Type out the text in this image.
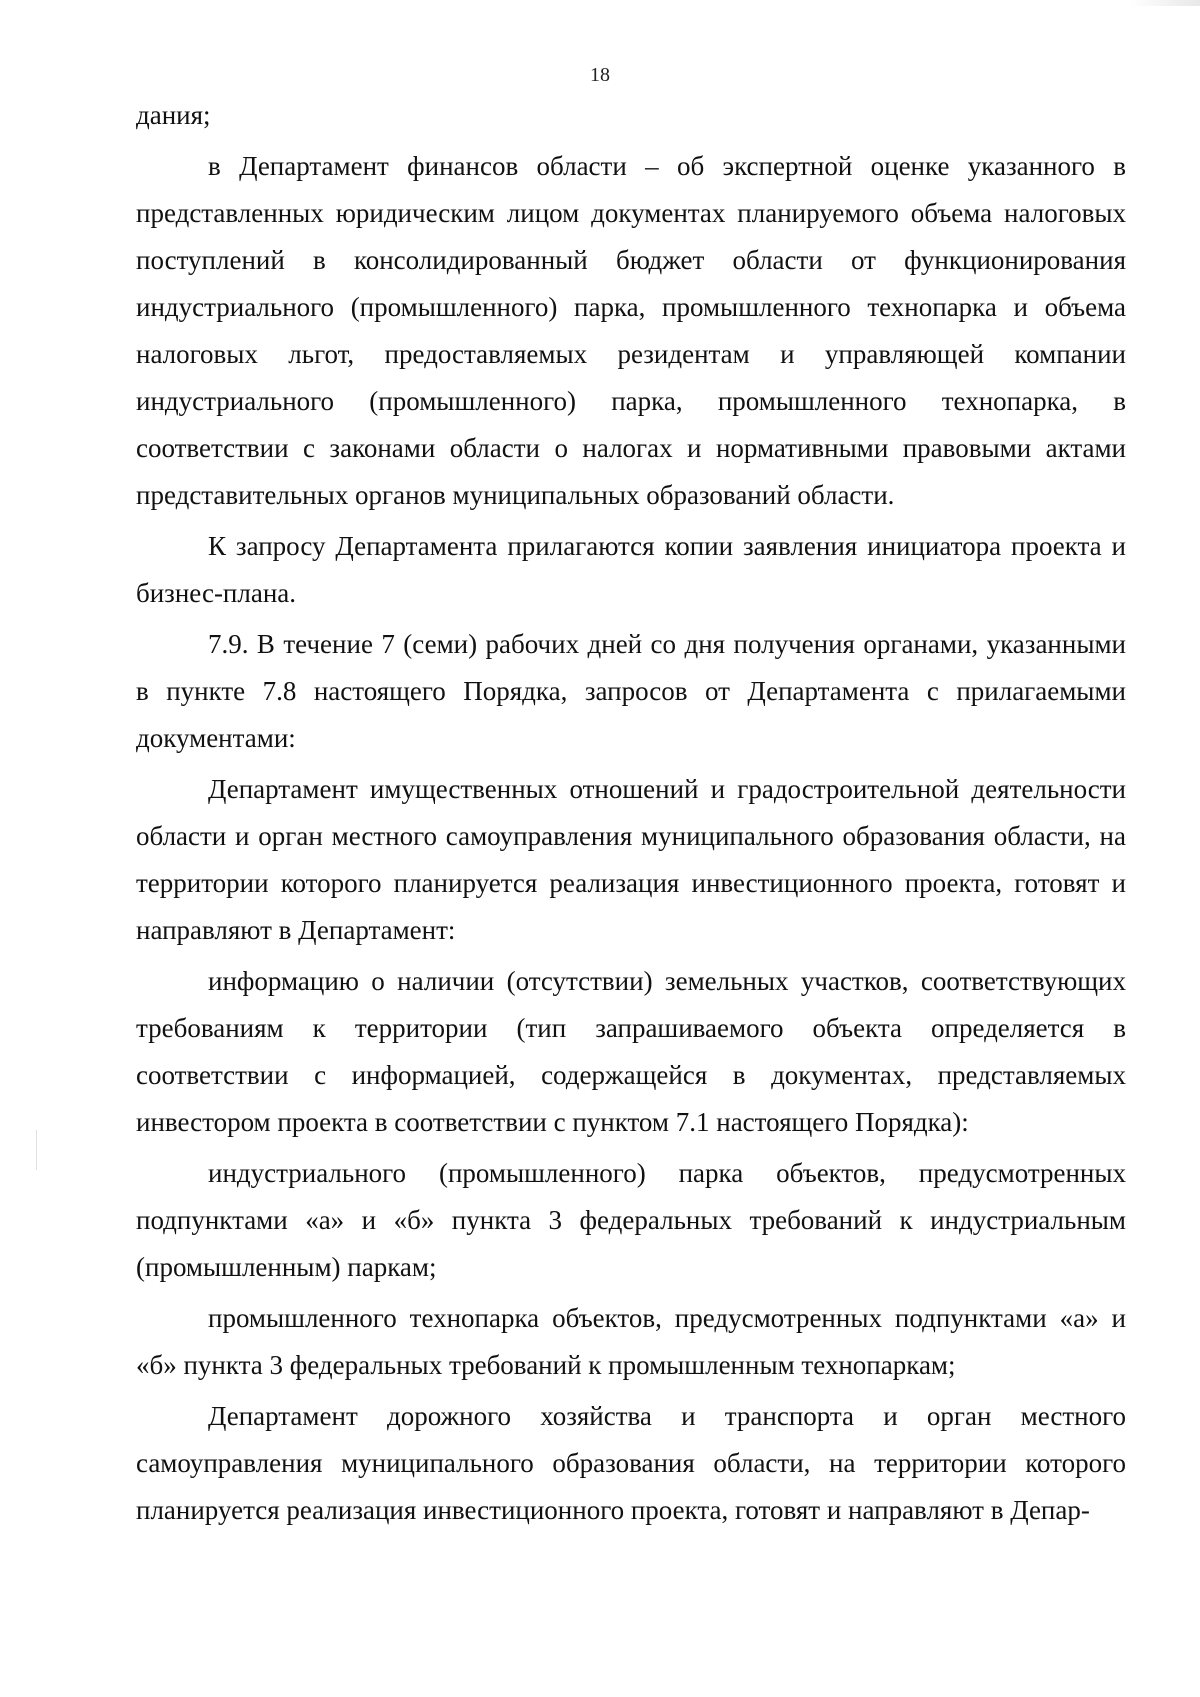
18

дания;

в Департамент финансов области – об экспертной оценке указанного в представленных юридическим лицом документах планируемого объема налоговых поступлений в консолидированный бюджет области от функционирования индустриального (промышленного) парка, промышленного технопарка и объема налоговых льгот, предоставляемых резидентам и управляющей компании индустриального (промышленного) парка, промышленного технопарка, в соответствии с законами области о налогах и нормативными правовыми актами представительных органов муниципальных образований области.

К запросу Департамента прилагаются копии заявления инициатора проекта и бизнес-плана.

7.9. В течение 7 (семи) рабочих дней со дня получения органами, указанными в пункте 7.8 настоящего Порядка, запросов от Департамента с прилагаемыми документами:

Департамент имущественных отношений и градостроительной деятельности области и орган местного самоуправления муниципального образования области, на территории которого планируется реализация инвестиционного проекта, готовят и направляют в Департамент:

информацию о наличии (отсутствии) земельных участков, соответствующих требованиям к территории (тип запрашиваемого объекта определяется в соответствии с информацией, содержащейся в документах, представляемых инвестором проекта в соответствии с пунктом 7.1 настоящего Порядка):

индустриального (промышленного) парка объектов, предусмотренных подпунктами «а» и «б» пункта 3 федеральных требований к индустриальным (промышленным) паркам;

промышленного технопарка объектов, предусмотренных подпунктами «а» и «б» пункта 3 федеральных требований к промышленным технопаркам;

Департамент дорожного хозяйства и транспорта и орган местного самоуправления муниципального образования области, на территории которого планируется реализация инвестиционного проекта, готовят и направляют в Депар-
